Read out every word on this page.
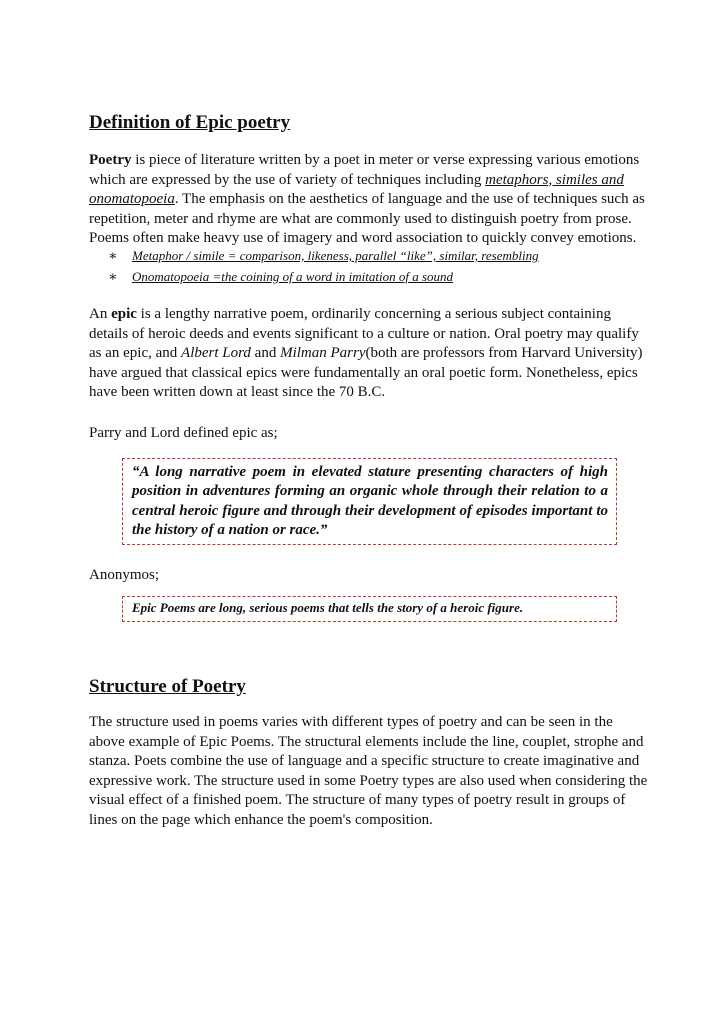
Definition of Epic poetry

Poetry is piece of literature written by a poet in meter or verse expressing various emotions which are expressed by the use of variety of techniques including metaphors, similes and onomatopoeia. The emphasis on the aesthetics of language and the use of techniques such as repetition, meter and rhyme are what are commonly used to distinguish poetry from prose. Poems often make heavy use of imagery and word association to quickly convey emotions.

∗ Metaphor / simile = comparison, likeness, parallel “like”, similar, resembling
∗ Onomatopoeia =the coining of a word in imitation of a sound

An epic is a lengthy narrative poem, ordinarily concerning a serious subject containing details of heroic deeds and events significant to a culture or nation. Oral poetry may qualify as an epic, and Albert Lord and Milman Parry(both are professors from Harvard University) have argued that classical epics were fundamentally an oral poetic form. Nonetheless, epics have been written down at least since the 70 B.C.

Parry and Lord defined epic as;

“A long narrative poem in elevated stature presenting characters of high position in adventures forming an organic whole through their relation to a central heroic figure and through their development of episodes important to the history of a nation or race.”

Anonymos;

Epic Poems are long, serious poems that tells the story of a heroic figure.

Structure of Poetry

The structure used in poems varies with different types of poetry and can be seen in the above example of Epic Poems. The structural elements include the line, couplet, strophe and stanza. Poets combine the use of language and a specific structure to create imaginative and expressive work. The structure used in some Poetry types are also used when considering the visual effect of a finished poem. The structure of many types of poetry result in groups of lines on the page which enhance the poem's composition.
